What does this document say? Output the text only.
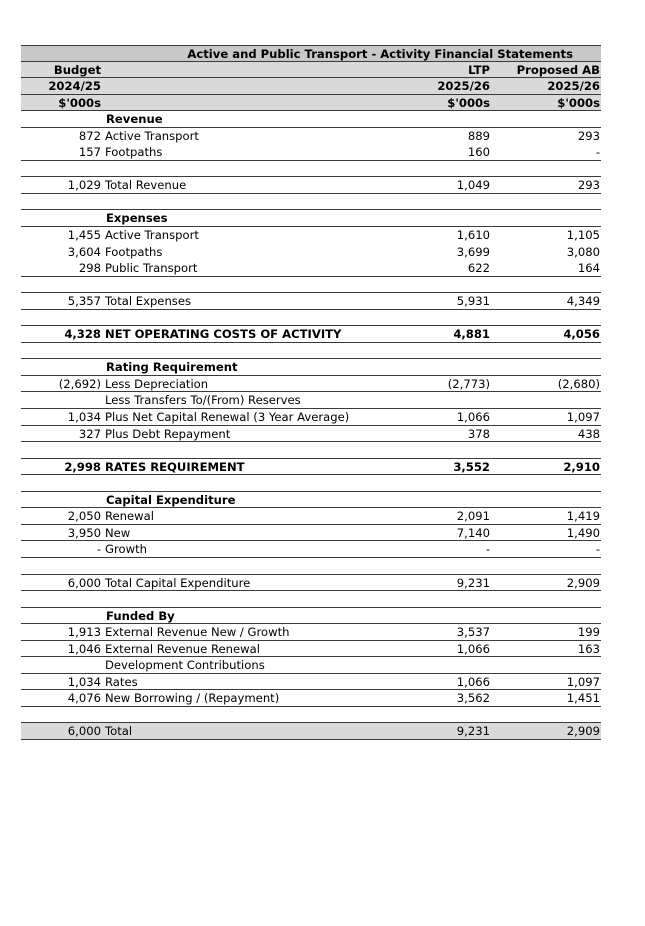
Active and Public Transport - Activity Financial Statements
Budget	LTP	Proposed AB
2024/25	2025/26	2025/26
$'000s	$'000s	$'000s
Revenue
872 Active Transport	889	293
157 Footpaths	160	-
1,029 Total Revenue	1,049	293
Expenses
1,455 Active Transport	1,610	1,105
3,604 Footpaths	3,699	3,080
298 Public Transport	622	164
5,357 Total Expenses	5,931	4,349
4,328 NET OPERATING COSTS OF ACTIVITY	4,881	4,056
Rating Requirement
(2,692) Less Depreciation	(2,773)	(2,680)
Less Transfers To/(From) Reserves
1,034 Plus Net Capital Renewal (3 Year Average)	1,066	1,097
327 Plus Debt Repayment	378	438
2,998 RATES REQUIREMENT	3,552	2,910
Capital Expenditure
2,050 Renewal	2,091	1,419
3,950 New	7,140	1,490
- Growth	-	-
6,000 Total Capital Expenditure	9,231	2,909
Funded By
1,913 External Revenue New / Growth	3,537	199
1,046 External Revenue Renewal	1,066	163
Development Contributions
1,034 Rates	1,066	1,097
4,076 New Borrowing / (Repayment)	3,562	1,451
6,000 Total	9,231	2,909
